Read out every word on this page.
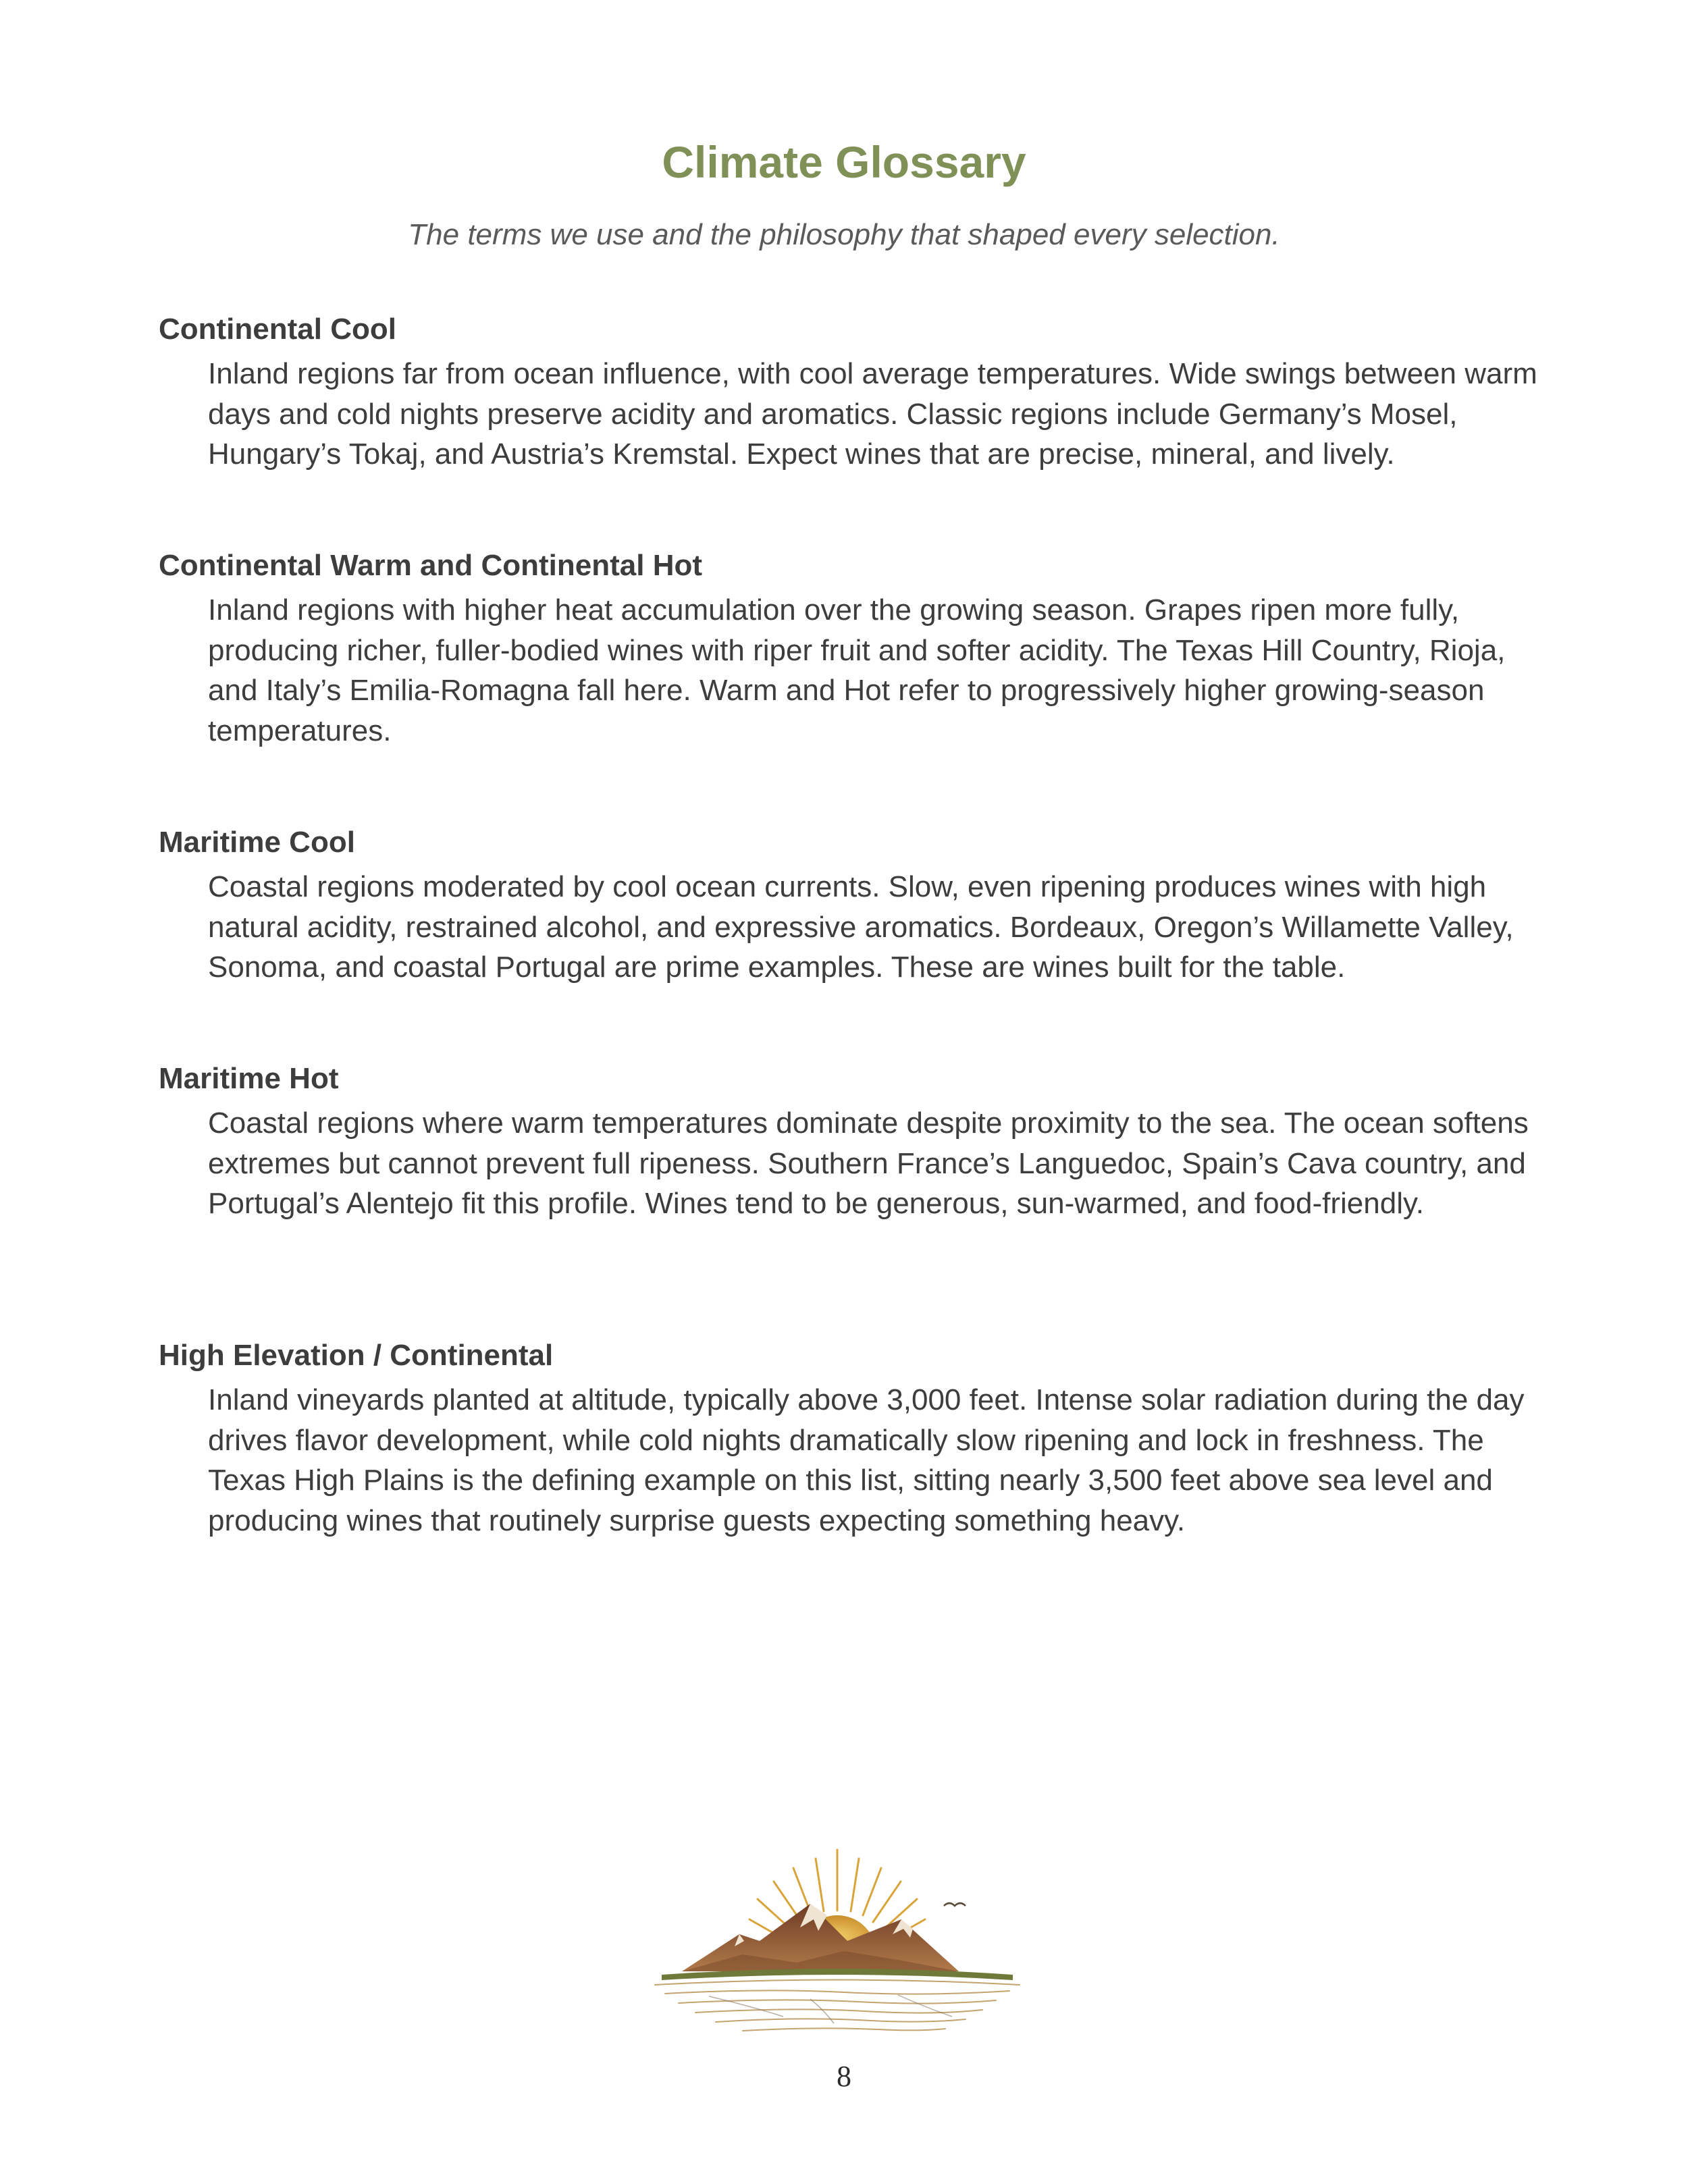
Climate Glossary

The terms we use and the philosophy that shaped every selection.

Continental Cool

Inland regions far from ocean influence, with cool average temperatures. Wide swings between warm days and cold nights preserve acidity and aromatics. Classic regions include Germany’s Mosel, Hungary’s Tokaj, and Austria’s Kremstal. Expect wines that are precise, mineral, and lively.

Continental Warm and Continental Hot

Inland regions with higher heat accumulation over the growing season. Grapes ripen more fully, producing richer, fuller-bodied wines with riper fruit and softer acidity. The Texas Hill Country, Rioja, and Italy’s Emilia-Romagna fall here. Warm and Hot refer to progressively higher growing-season temperatures.

Maritime Cool

Coastal regions moderated by cool ocean currents. Slow, even ripening produces wines with high natural acidity, restrained alcohol, and expressive aromatics. Bordeaux, Oregon’s Willamette Valley, Sonoma, and coastal Portugal are prime examples. These are wines built for the table.

Maritime Hot

Coastal regions where warm temperatures dominate despite proximity to the sea. The ocean softens extremes but cannot prevent full ripeness. Southern France’s Languedoc, Spain’s Cava country, and Portugal’s Alentejo fit this profile. Wines tend to be generous, sun-warmed, and food-friendly.

High Elevation / Continental

Inland vineyards planted at altitude, typically above 3,000 feet. Intense solar radiation during the day drives flavor development, while cold nights dramatically slow ripening and lock in freshness. The Texas High Plains is the defining example on this list, sitting nearly 3,500 feet above sea level and producing wines that routinely surprise guests expecting something heavy.

8
